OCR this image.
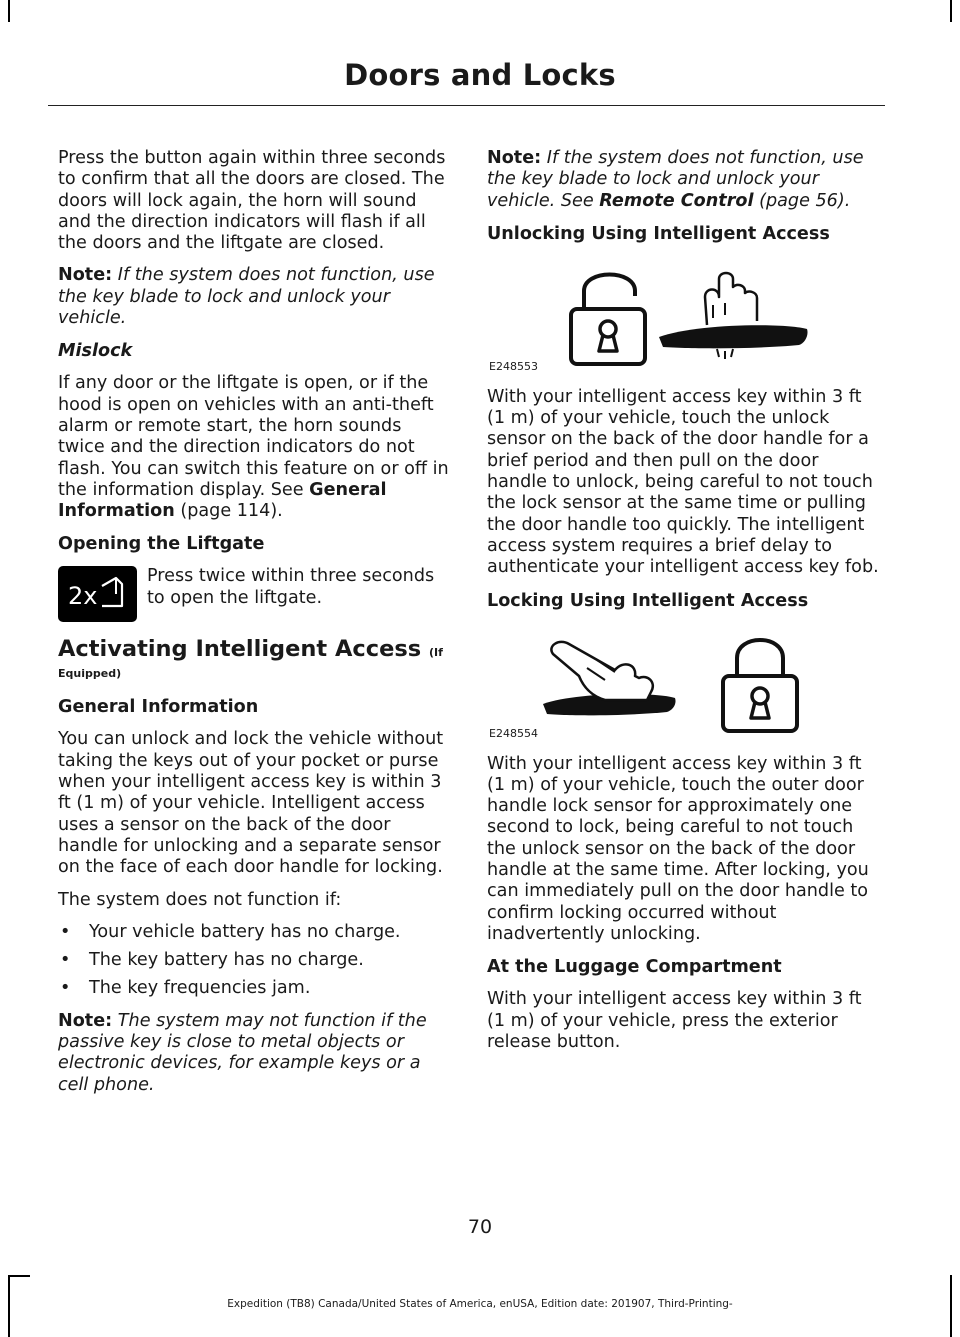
Doors and Locks

Press the button again within three seconds to confirm that all the doors are closed. The doors will lock again, the horn will sound and the direction indicators will flash if all the doors and the liftgate are closed.

Note: If the system does not function, use the key blade to lock and unlock your vehicle.

Mislock

If any door or the liftgate is open, or if the hood is open on vehicles with an anti-theft alarm or remote start, the horn sounds twice and the direction indicators do not flash. You can switch this feature on or off in the information display. See General Information (page 114).

Opening the Liftgate
2x

Press twice within three seconds to open the liftgate.

Activating Intelligent Access (If
Equipped)
General Information

You can unlock and lock the vehicle without taking the keys out of your pocket or purse when your intelligent access key is within 3 ft (1 m) of your vehicle. Intelligent access uses a sensor on the back of the door handle for unlocking and a separate sensor on the face of each door handle for locking.

The system does not function if:

• Your vehicle battery has no charge.
• The key battery has no charge.
• The key frequencies jam.

Note: The system may not function if the passive key is close to metal objects or electronic devices, for example keys or a cell phone.

Note: If the system does not function, use the key blade to lock and unlock your vehicle. See Remote Control (page 56).

Unlocking Using Intelligent Access
E248553

With your intelligent access key within 3 ft (1 m) of your vehicle, touch the unlock sensor on the back of the door handle for a brief period and then pull on the door handle to unlock, being careful to not touch the lock sensor at the same time or pulling the door handle too quickly. The intelligent access system requires a brief delay to authenticate your intelligent access key fob.

Locking Using Intelligent Access
E248554

With your intelligent access key within 3 ft (1 m) of your vehicle, touch the outer door handle lock sensor for approximately one second to lock, being careful to not touch the unlock sensor on the back of the door handle at the same time. After locking, you can immediately pull on the door handle to confirm locking occurred without inadvertently unlocking.

At the Luggage Compartment

With your intelligent access key within 3 ft (1 m) of your vehicle, press the exterior release button.

70
Expedition (TB8) Canada/United States of America, enUSA, Edition date: 201907, Third-Printing-
